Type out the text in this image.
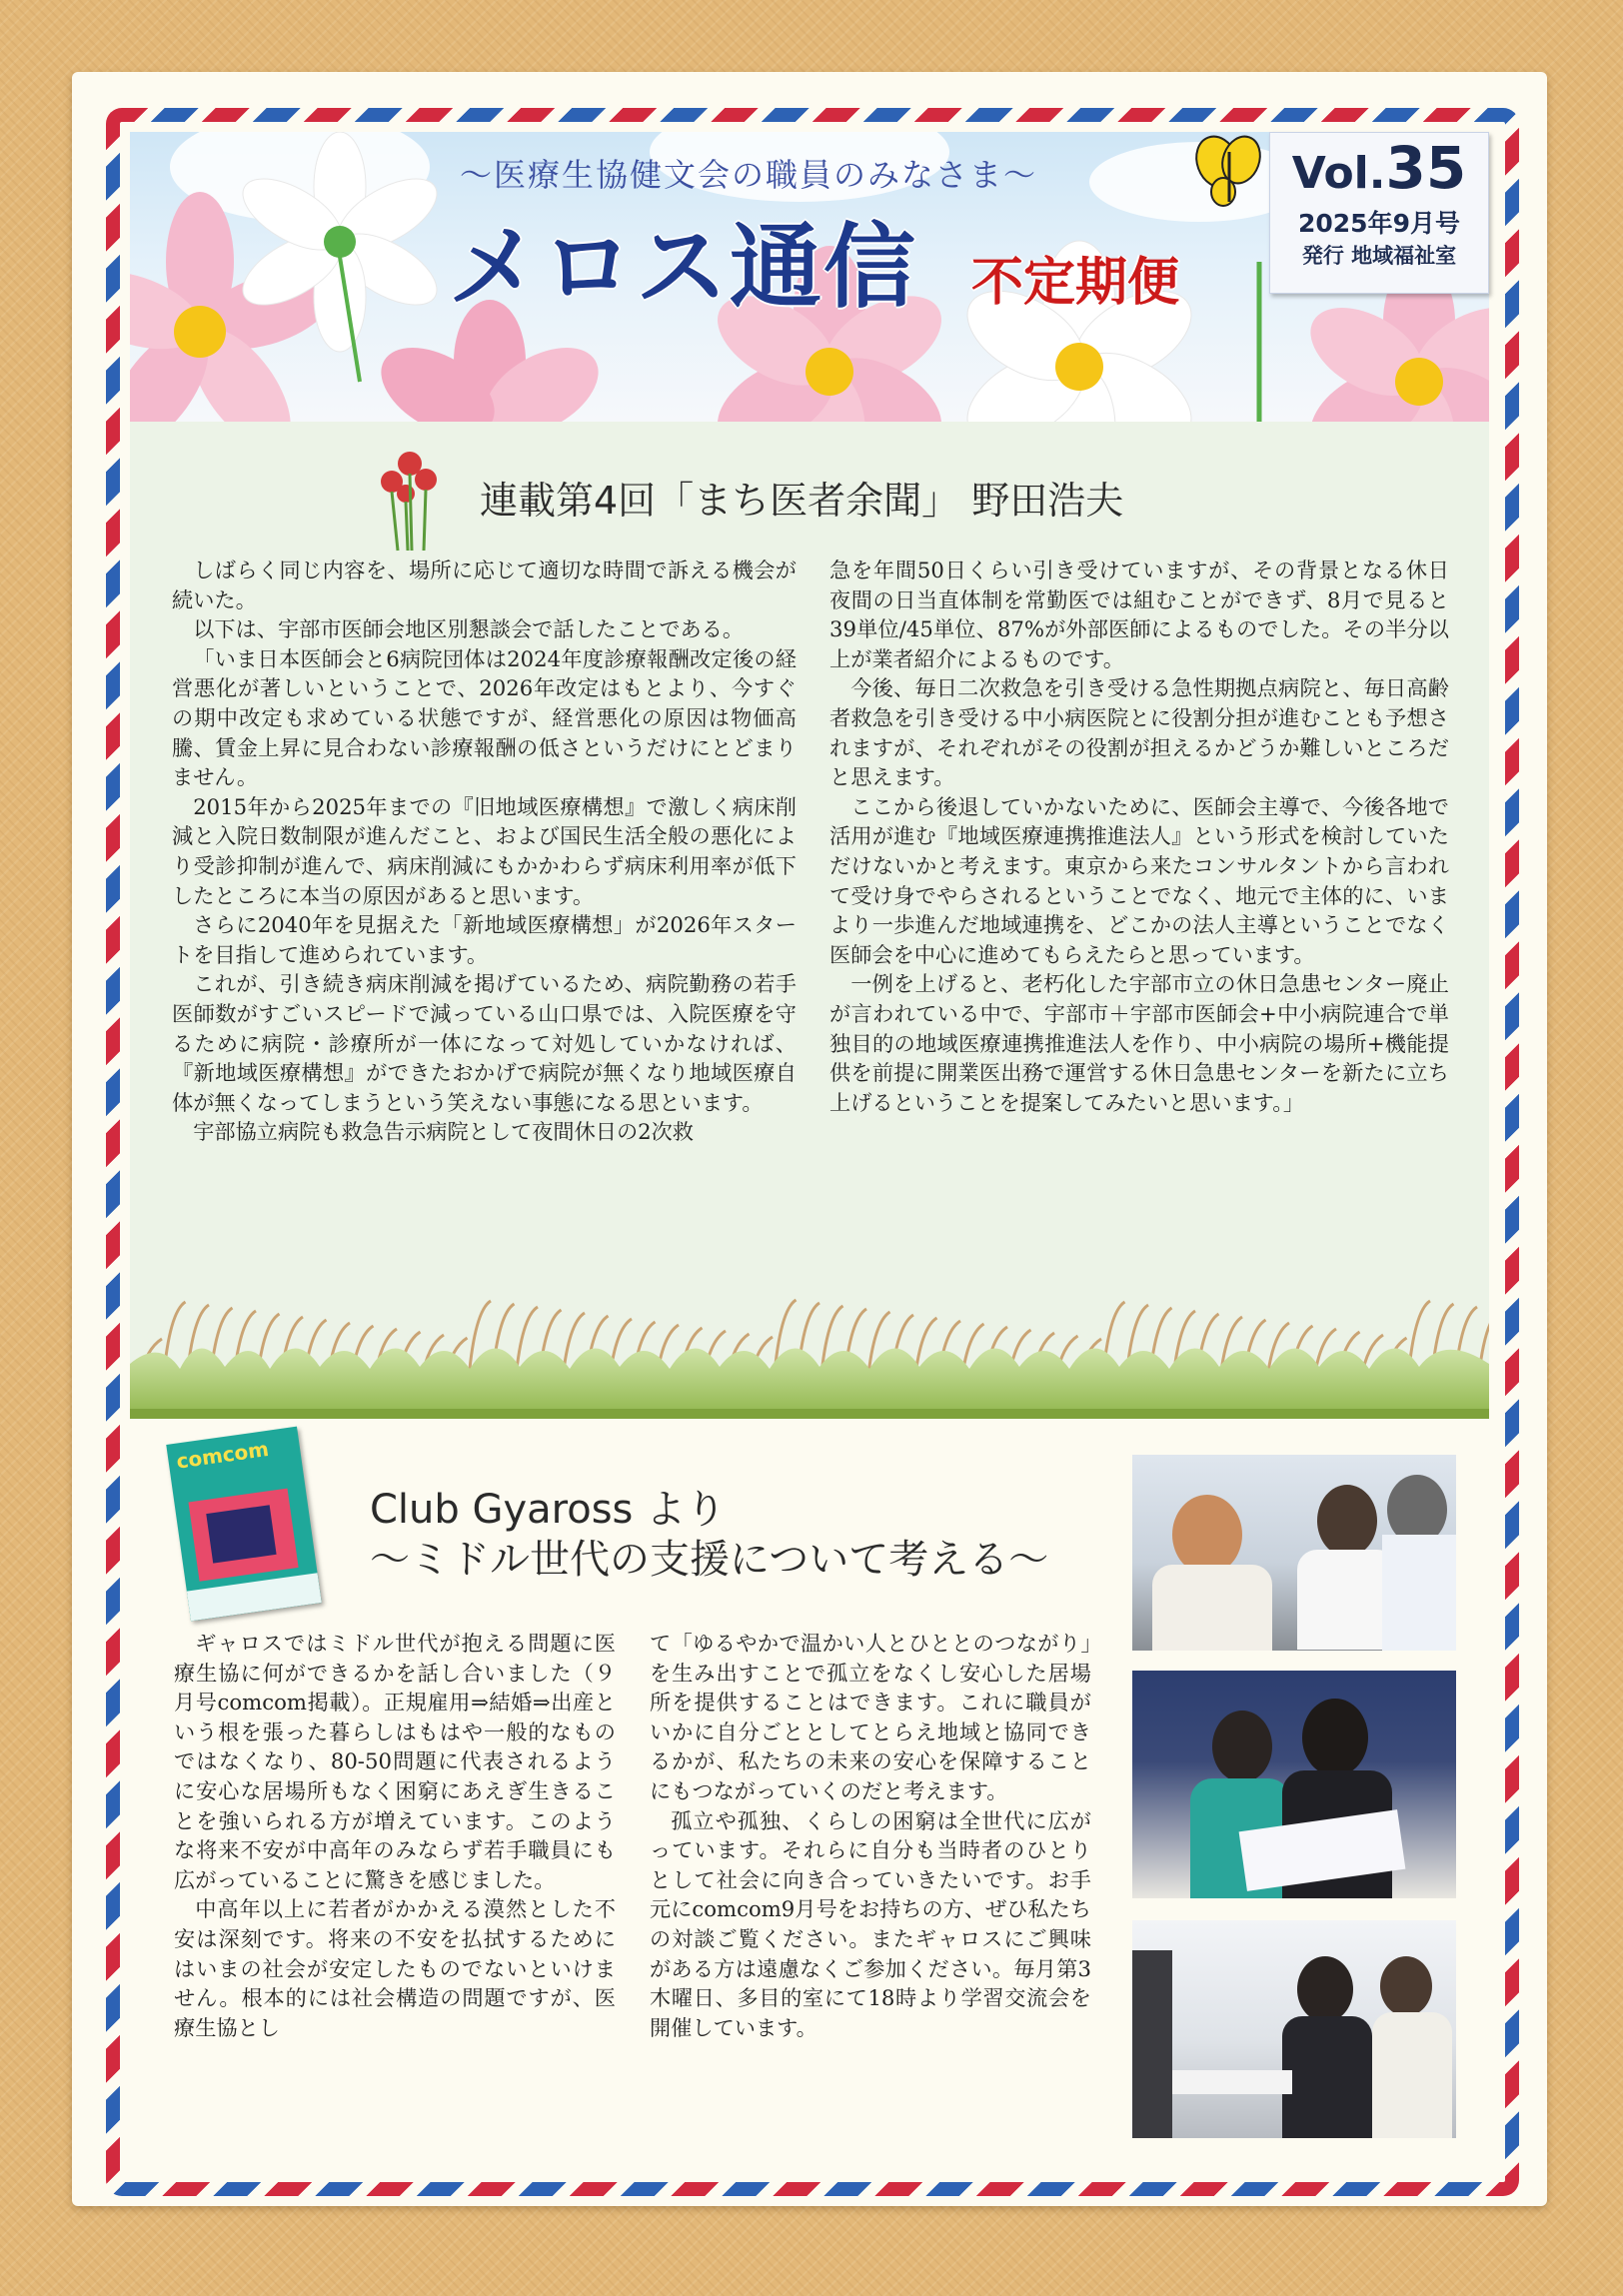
～医療生協健文会の職員のみなさま～
メロス通信 不定期便
Vol.35
2025年9月号
発行 地域福祉室
連載第4回「まち医者余聞」 野田浩夫

しばらく同じ内容を、場所に応じて適切な時間で訴える機会が続いた。

以下は、宇部市医師会地区別懇談会で話したことである。

「いま日本医師会と6病院団体は2024年度診療報酬改定後の経営悪化が著しいということで、2026年改定はもとより、今すぐの期中改定も求めている状態ですが、経営悪化の原因は物価高騰、賃金上昇に見合わない診療報酬の低さというだけにとどまりません。

2015年から2025年までの『旧地域医療構想』で激しく病床削減と入院日数制限が進んだこと、および国民生活全般の悪化により受診抑制が進んで、病床削減にもかかわらず病床利用率が低下したところに本当の原因があると思います。

さらに2040年を見据えた「新地域医療構想」が2026年スタートを目指して進められています。

これが、引き続き病床削減を掲げているため、病院勤務の若手医師数がすごいスピードで減っている山口県では、入院医療を守るために病院・診療所が一体になって対処していかなければ、『新地域医療構想』ができたおかげで病院が無くなり地域医療自体が無くなってしまうという笑えない事態になる思といます。

宇部協立病院も救急告示病院として夜間休日の2次救

急を年間50日くらい引き受けていますが、その背景となる休日夜間の日当直体制を常勤医では組むことができず、8月で見ると39単位/45単位、87%が外部医師によるものでした。その半分以上が業者紹介によるものです。

今後、毎日二次救急を引き受ける急性期拠点病院と、毎日高齢者救急を引き受ける中小病医院とに役割分担が進むことも予想されますが、それぞれがその役割が担えるかどうか難しいところだと思えます。

ここから後退していかないために、医師会主導で、今後各地で活用が進む『地域医療連携推進法人』という形式を検討していただけないかと考えます。東京から来たコンサルタントから言われて受け身でやらされるということでなく、地元で主体的に、いまより一歩進んだ地域連携を、どこかの法人主導ということでなく医師会を中心に進めてもらえたらと思っています。

一例を上げると、老朽化した宇部市立の休日急患センター廃止が言われている中で、宇部市＋宇部市医師会+中小病院連合で単独目的の地域医療連携推進法人を作り、中小病院の場所+機能提供を前提に開業医出務で運営する休日急患センターを新たに立ち上げるということを提案してみたいと思います。」

comcom
Club Gyaross より
～ミドル世代の支援について考える～

ギャロスではミドル世代が抱える問題に医療生協に何ができるかを話し合いました（９月号comcom掲載）。正規雇用⇒結婚⇒出産という根を張った暮らしはもはや一般的なものではなくなり、80-50問題に代表されるように安心な居場所もなく困窮にあえぎ生きることを強いられる方が増えています。このような将来不安が中高年のみならず若手職員にも広がっていることに驚きを感じました。

中高年以上に若者がかかえる漠然とした不安は深刻です。将来の不安を払拭するためにはいまの社会が安定したものでないといけません。根本的には社会構造の問題ですが、医療生協とし

て「ゆるやかで温かい人とひととのつながり」を生み出すことで孤立をなくし安心した居場所を提供することはできます。これに職員がいかに自分ごととしてとらえ地域と協同できるかが、私たちの未来の安心を保障することにもつながっていくのだと考えます。

孤立や孤独、くらしの困窮は全世代に広がっています。それらに自分も当時者のひとりとして社会に向き合っていきたいです。お手元にcomcom9月号をお持ちの方、ぜひ私たちの対談ご覧ください。またギャロスにご興味がある方は遠慮なくご参加ください。毎月第3木曜日、多目的室にて18時より学習交流会を開催しています。
